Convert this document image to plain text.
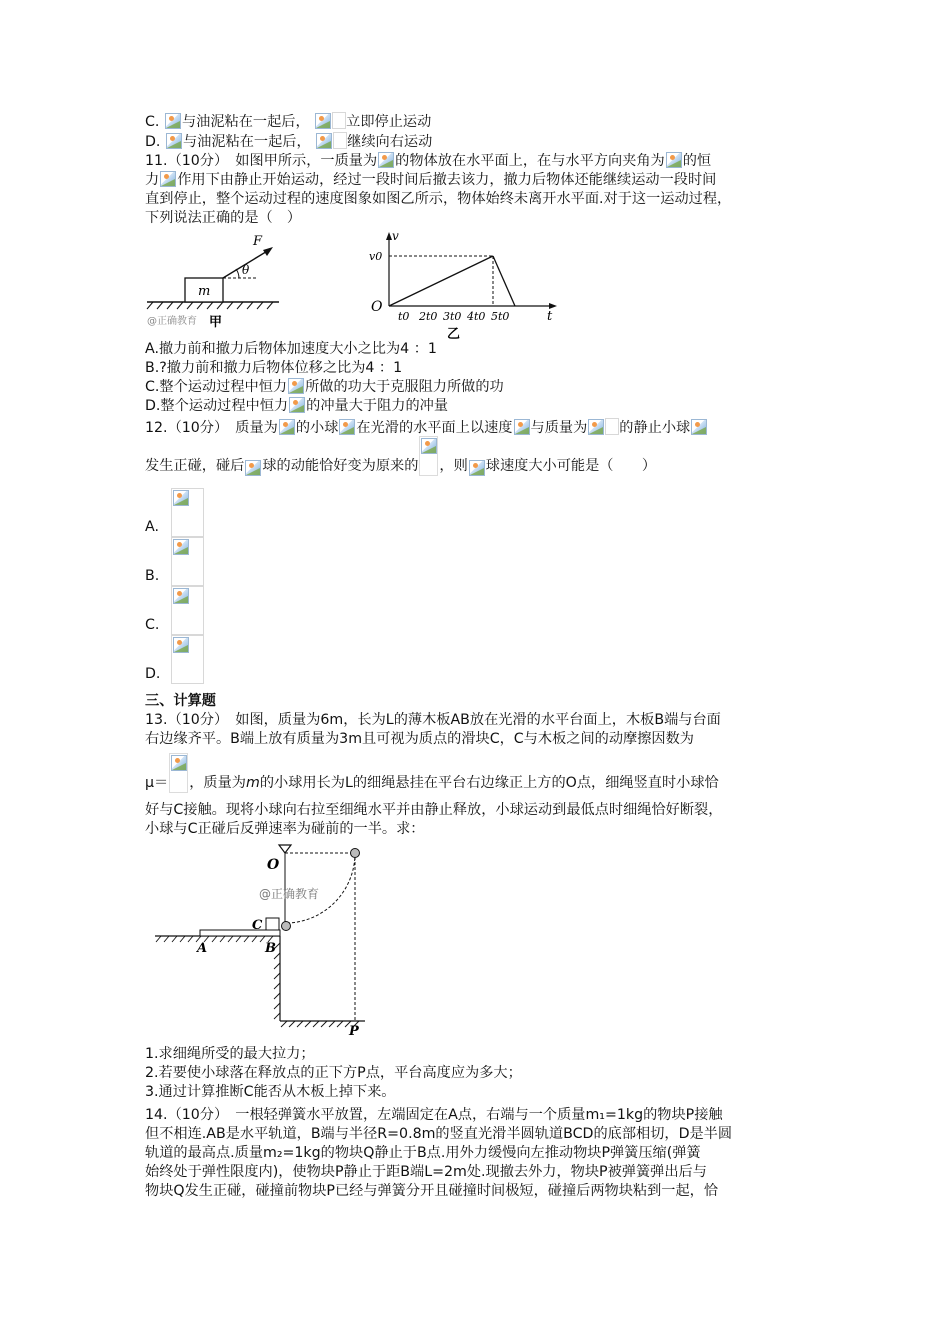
C. 与油泥粘在一起后，	立即停止运动
D. 与油泥粘在一起后，	继续向右运动
11.（10分）　如图甲所示，一质量为 的物体放在水平面上，在与水平方向夹角为 的恒
力 作用下由静止开始运动，经过一段时间后撤去该力，撤力后物体还能继续运动一段时间
直到停止，整个运动过程的速度图象如图乙所示，物体始终未离开水平面.对于这一运动过程，
下列说法正确的是（　）
m
θ
F
@正确教育 甲
v
v0
O
t
t0 2t0 3t0 4t0 5t0
乙
A.撤力前和撤力后物体加速度大小之比为4 ：1
B.?撤力前和撤力后物体位移之比为4 ：1
C.整个运动过程中恒力 所做的功大于克服阻力所做的功
D.整个运动过程中恒力 的冲量大于阻力的冲量
12.（10分）　质量为 的小球 在光滑的水平面上以速度 与质量为 的静止小球
发生正碰，碰后 球的动能恰好变为原来的 ，则 球速度大小可能是（　　）
A.
B.
C.
D.
三、计算题
13.（10分）　如图，质量为6m，长为L的薄木板AB放在光滑的水平台面上，木板B端与台面
右边缘齐平。B端上放有质量为3m且可视为质点的滑块C，C与木板之间的动摩擦因数为
μ＝ ，质量为 m 的小球用长为L的细绳悬挂在平台右边缘正上方的O点，细绳竖直时小球恰
好与C接触。现将小球向右拉至细绳水平并由静止释放，小球运动到最低点时细绳恰好断裂，
小球与C正碰后反弹速率为碰前的一半。求：
O
@正确教育
C
A	B
P
1.求细绳所受的最大拉力；
2.若要使小球落在释放点的正下方P点，平台高度应为多大；
3.通过计算推断C能否从木板上掉下来。
14.（10分）　一根轻弹簧水平放置，左端固定在A点，右端与一个质量m₁=1kg的物块P接触
但不相连.AB是水平轨道，B端与半径R=0.8m的竖直光滑半圆轨道BCD的底部相切，D是半圆
轨道的最高点.质量m₂=1kg的物块Q静止于B点.用外力缓慢向左推动物块P弹簧压缩(弹簧
始终处于弹性限度内)，使物块P静止于距B端L=2m处.现撤去外力，物块P被弹簧弹出后与
物块Q发生正碰，碰撞前物块P已经与弹簧分开且碰撞时间极短，碰撞后两物块粘到一起，恰
